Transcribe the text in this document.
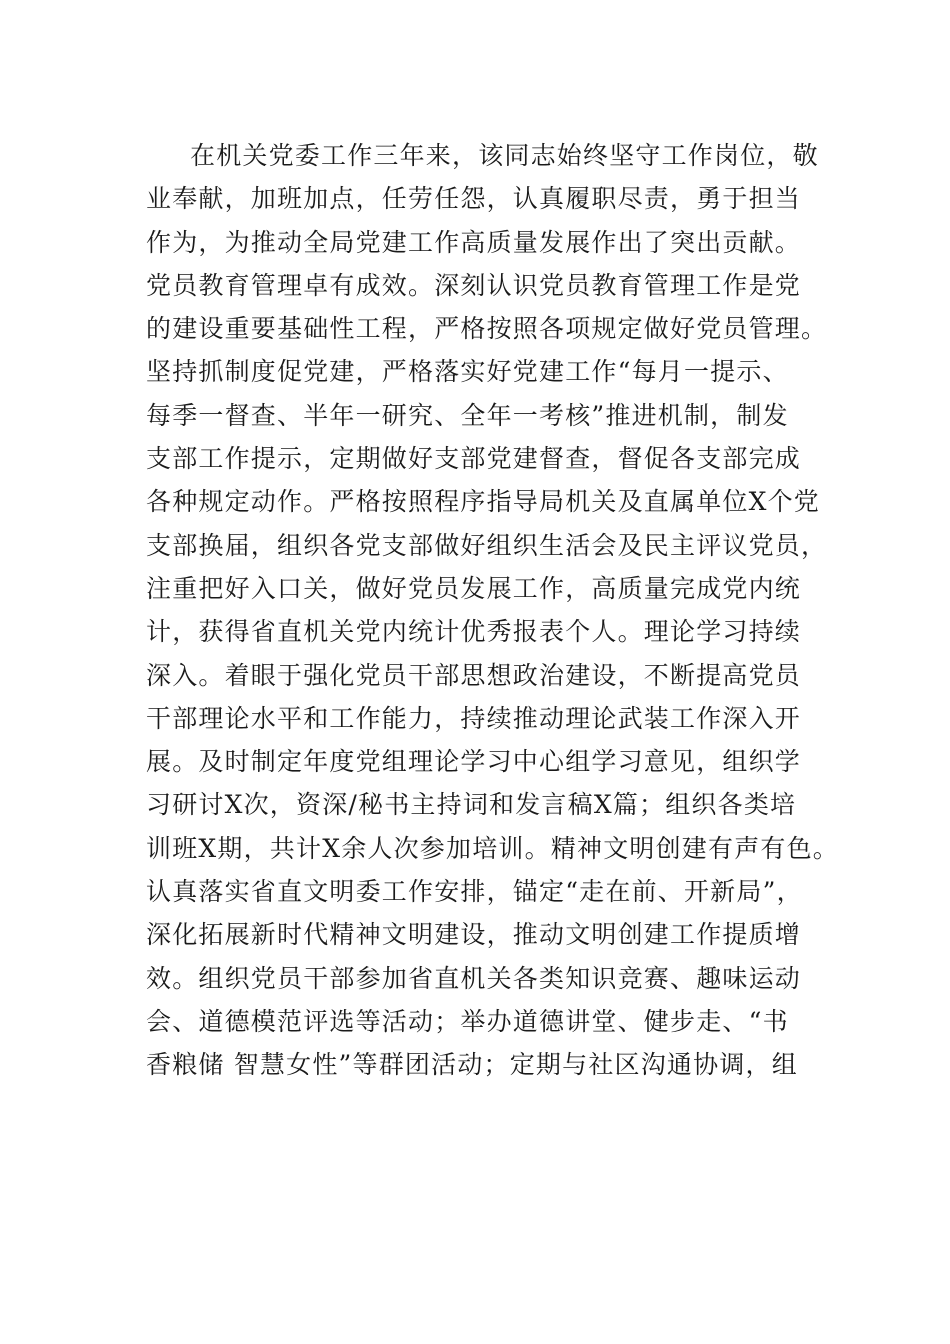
在机关党委工作三年来，该同志始终坚守工作岗位，敬
业奉献，加班加点，任劳任怨，认真履职尽责，勇于担当
作为，为推动全局党建工作高质量发展作出了突出贡献。
党员教育管理卓有成效。深刻认识党员教育管理工作是党
的建设重要基础性工程，严格按照各项规定做好党员管理。
坚持抓制度促党建，严格落实好党建工作“每月一提示、
每季一督查、半年一研究、全年一考核”推进机制，制发
支部工作提示，定期做好支部党建督查，督促各支部完成
各种规定动作。严格按照程序指导局机关及直属单位X个党
支部换届，组织各党支部做好组织生活会及民主评议党员，
注重把好入口关，做好党员发展工作，高质量完成党内统
计，获得省直机关党内统计优秀报表个人。理论学习持续
深入。着眼于强化党员干部思想政治建设，不断提高党员
干部理论水平和工作能力，持续推动理论武装工作深入开
展。及时制定年度党组理论学习中心组学习意见，组织学
习研讨X次，资深/秘书主持词和发言稿X篇；组织各类培
训班X期，共计X余人次参加培训。精神文明创建有声有色。
认真落实省直文明委工作安排，锚定“走在前、开新局”，
深化拓展新时代精神文明建设，推动文明创建工作提质增
效。组织党员干部参加省直机关各类知识竞赛、趣味运动
会、道德模范评选等活动；举办道德讲堂、健步走、“书
香粮储 智慧女性”等群团活动；定期与社区沟通协调，组
